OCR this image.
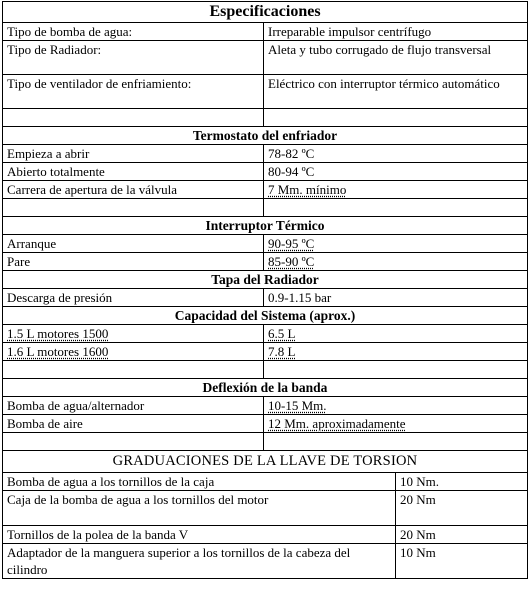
Especificaciones	
Tipo de bomba de agua:	Irreparable impulsor centrífugo
Tipo de Radiador:	Aleta y tubo corrugado de flujo transversal
Tipo de ventilador de enfriamiento:	Eléctrico con interruptor térmico automático

Termostato del enfriador	
Empieza a abrir	78-82 ºC
Abierto totalmente	80-94 ºC
Carrera de apertura de la válvula	7 Mm. mínimo

Interruptor Térmico	
Arranque	90-95 ºC
Pare	85-90 ºC
Tapa del Radiador	
Descarga de presión	0.9-1.15 bar
Capacidad del Sistema (aprox.)	
1.5 L motores 1500	6.5 L
1.6 L motores 1600	7.8 L

Deflexión de la banda	
Bomba de agua/alternador	10-15 Mm.
Bomba de aire	12 Mm. aproximadamente

GRADUACIONES DE LA LLAVE DE TORSION	
Bomba de agua a los tornillos de la caja	10 Nm.
Caja de la bomba de agua a los tornillos del motor	20 Nm
Tornillos de la polea de la banda V	20 Nm
Adaptador de la manguera superior a los tornillos de la cabeza del cilindro	10 Nm
